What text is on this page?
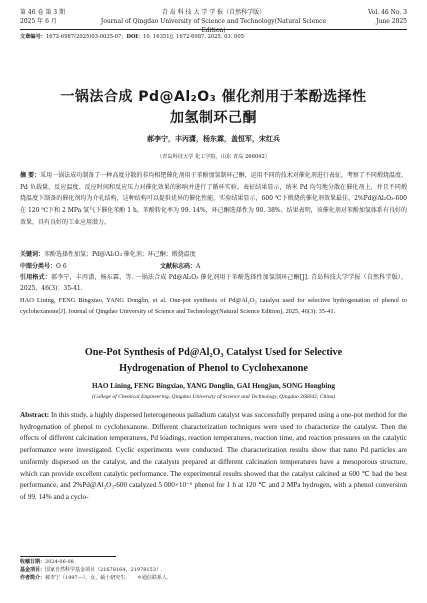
第 46 卷 第 3 期
2025 年 6 月
青 岛 科 技 大 学 学 报（自然科学版）
Journal of Qingdao University of Science and Technology(Natural Science Edition)
Vol. 46 No. 3
June 2025
文章编号：1672-6987(2025)03-0035-07；DOI：10. 16351/j. 1672-6987. 2025. 03. 005
一锅法合成 Pd@Al₂O₃ 催化剂用于苯酚选择性
加氢制环己酮
郝李宁，丰丙潇，杨东霖，盖恒军，宋红兵
（青岛科技大学 化工学院，山东 青岛 266042）
摘 要：采用一锅法成功制备了一种高度分散的非均相钯催化剂用于苯酚加氢制环己酮，运用不同的技术对催化剂进行表征，考察了不同煅烧温度、Pd 负载量、反应温度、反应时间和反应压力对催化效果的影响并进行了循环实验。表征结果显示，纳米 Pd 均匀地分散在催化剂上，并且不同煅烧温度下制备的催化剂均为介孔结构，这种结构可以提供优异的催化性能。实验结果显示，600 ℃下煅烧的催化剂效果最佳，2%Pd@Al₂O₃-600 在 120 ℃下和 2 MPa 氢气下催化苯酚 1 h，苯酚转化率为 99. 14%，环己酮选择性为 90. 38%。结果表明，该催化剂对苯酚加氢体系有良好的效果，具有良好的工业应用潜力。
关键词：苯酚选择性加氢；Pd@Al₂O₃ 催化剂；环己酮；煅烧温度
中图分类号：O 6	文献标志码：A
引用格式：郝李宁，丰丙潇，杨东霖，等. 一锅法合成 Pd@Al₂O₃ 催化剂用于苯酚选择性加氢制环己酮[J]. 青岛科技大学学报（自然科学版），2025，46(3)：35-41.
HAO Lining, FENG Bingxiao, YANG Donglin, et al. One-pot synthesis of Pd@Al₂O₃ catalyst used for selective hydrogenation of phenol to cyclohexanone[J]. Journal of Qingdao University of Science and Technology(Natural Science Edition), 2025, 46(3): 35-41.
One-Pot Synthesis of Pd@Al₂O₃ Catalyst Used for Selective
Hydrogenation of Phenol to Cyclohexanone
HAO Lining, FENG Bingxiao, YANG Donglin, GAI Hengjun, SONG Hongbing
(College of Chemical Engineering, Qingdao University of Science and Technology, Qingdao 266042, China)
Abstract: In this study, a highly dispersed heterogeneous palladium catalyst was successfully prepared using a one-pot method for the hydrogenation of phenol to cyclohexanone. Different characterization techniques were used to characterize the catalyst. Then the effects of different calcination temperatures, Pd loadings, reaction temperatures, reaction time, and reaction pressures on the catalytic performance were investigated. Cyclic experiments were conducted. The characterization results show that nano Pd particles are uniformly dispersed on the catalyst, and the catalysts prepared at different calcination temperatures have a mesoporous structure, which can provide excellent catalytic performance. The experimental results showed that the catalyst calcined at 600 ℃ had the best performance, and 2%Pd@Al₂O₃-600 catalyzed 5 000×10⁻⁶ phenol for 1 h at 120 ℃ and 2 MPa hydrogen, with a phenol conversion of 99. 14% and a cyclo-
收稿日期：2024-06-08
基金项目：国家自然科学基金项目（21678164，21978153）.
作者简介：郝李宁（1997—），女，硕士研究生. ＊通信联系人.
